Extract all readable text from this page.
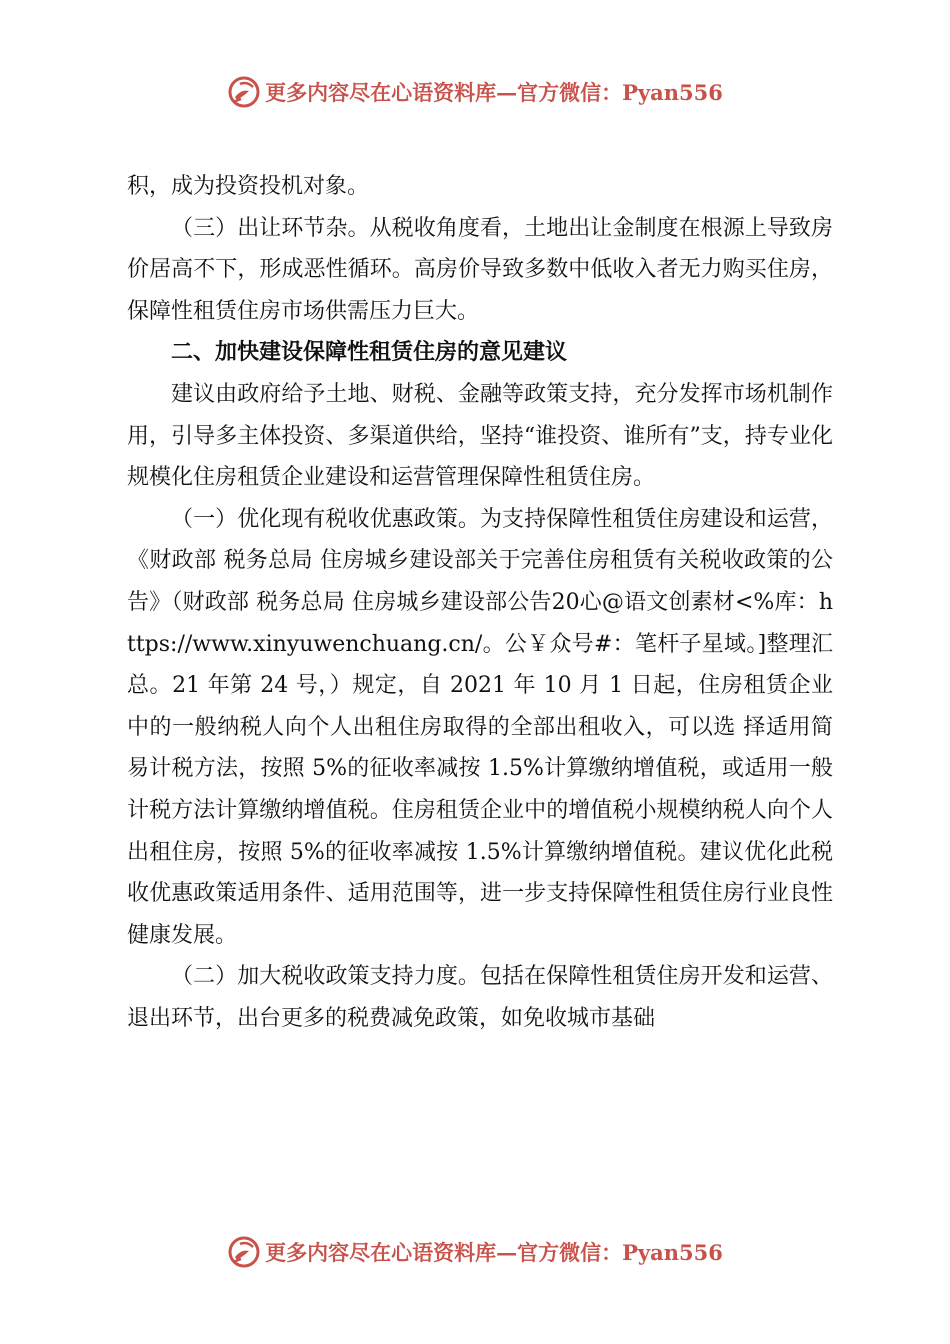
更多内容尽在心语资料库—官方微信：Pyan556

积，成为投资投机对象。

（三）出让环节杂。从税收角度看，土地出让金制度在根源上导致房价居高不下，形成恶性循环。高房价导致多数中低收入者无力购买住房，保障性租赁住房市场供需压力巨大。

二、加快建设保障性租赁住房的意见建议

建议由政府给予土地、财税、金融等政策支持，充分发挥市场机制作用，引导多主体投资、多渠道供给，坚持“谁投资、谁所有”支，持专业化规模化住房租赁企业建设和运营管理保障性租赁住房。

（一）优化现有税收优惠政策。为支持保障性租赁住房建设和运营，《财政部 税务总局 住房城乡建设部关于完善住房租赁有关税收政策的公告》（财政部 税务总局 住房城乡建设部公告20心@语文创素材<%库：https://www.xinyuwenchuang.cn/。公￥众号#：笔杆子星域。]整理汇总。21 年第 24 号，）规定，自 2021 年 10 月 1 日起，住房租赁企业中的一般纳税人向个人出租住房取得的全部出租收入，可以选 择适用简易计税方法，按照 5%的征收率减按 1.5%计算缴纳增值税，或适用一般计税方法计算缴纳增值税。住房租赁企业中的增值税小规模纳税人向个人出租住房，按照 5%的征收率减按 1.5%计算缴纳增值税。建议优化此税收优惠政策适用条件、适用范围等，进一步支持保障性租赁住房行业良性健康发展。

（二）加大税收政策支持力度。包括在保障性租赁住房开发和运营、退出环节，出台更多的税费减免政策，如免收城市基础

更多内容尽在心语资料库—官方微信：Pyan556
